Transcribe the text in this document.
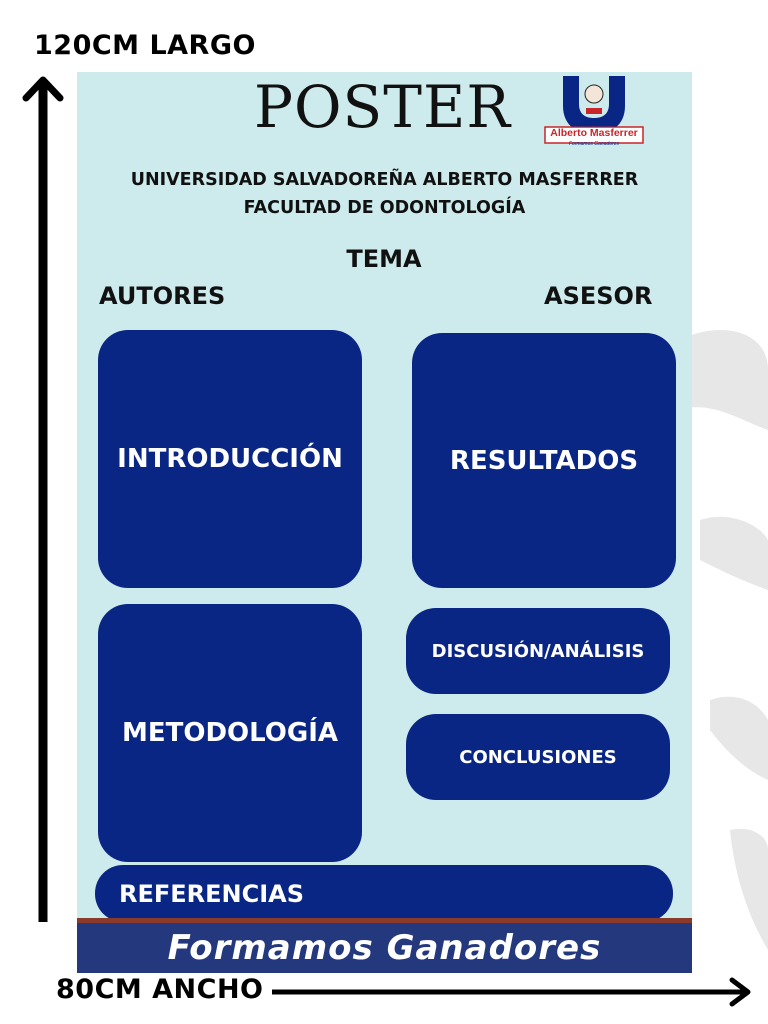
120CM LARGO
80CM ANCHO
POSTER	Alberto Masferrer
Universidad Salvadoreña
Formamos Ganadores
UNIVERSIDAD SALVADOREÑA ALBERTO MASFERRER
FACULTAD DE ODONTOLOGÍA
TEMA
AUTORES	ASESOR
INTRODUCCIÓN	RESULTADOS
METODOLOGÍA
DISCUSIÓN/ANÁLISIS
CONCLUSIONES
REFERENCIAS
Formamos Ganadores
